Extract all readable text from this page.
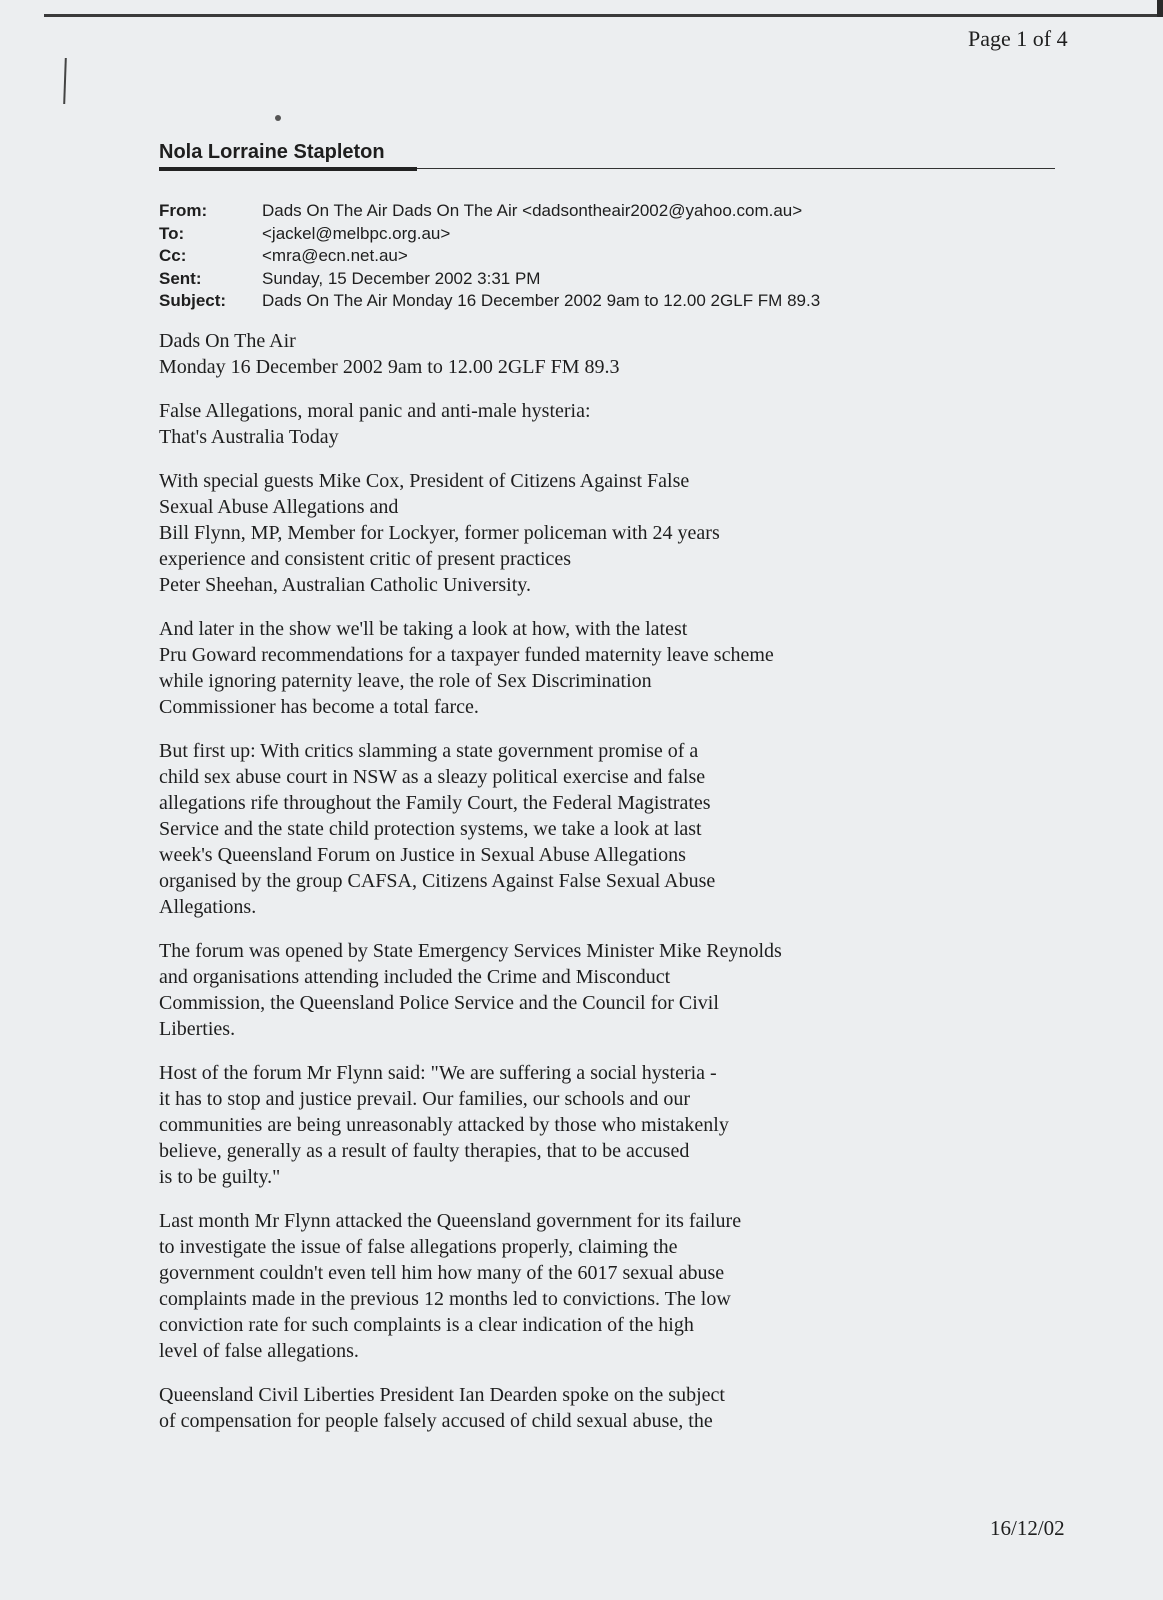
Page 1 of 4
Nola Lorraine Stapleton
From:	Dads On The Air Dads On The Air <dadsontheair2002@yahoo.com.au>
To:	<jackel@melbpc.org.au>
Cc:	<mra@ecn.net.au>
Sent:	Sunday, 15 December 2002 3:31 PM
Subject:	Dads On The Air Monday 16 December 2002 9am to 12.00 2GLF FM 89.3

Dads On The Air
Monday 16 December 2002 9am to 12.00 2GLF FM 89.3

False Allegations, moral panic and anti-male hysteria:
That's Australia Today

With special guests Mike Cox, President of Citizens Against False
Sexual Abuse Allegations and
Bill Flynn, MP, Member for Lockyer, former policeman with 24 years
experience and consistent critic of present practices
Peter Sheehan, Australian Catholic University.

And later in the show we'll be taking a look at how, with the latest
Pru Goward recommendations for a taxpayer funded maternity leave scheme
while ignoring paternity leave, the role of Sex Discrimination
Commissioner has become a total farce.

But first up: With critics slamming a state government promise of a
child sex abuse court in NSW as a sleazy political exercise and false
allegations rife throughout the Family Court, the Federal Magistrates
Service and the state child protection systems, we take a look at last
week's Queensland Forum on Justice in Sexual Abuse Allegations
organised by the group CAFSA, Citizens Against False Sexual Abuse
Allegations.

The forum was opened by State Emergency Services Minister Mike Reynolds
and organisations attending included the Crime and Misconduct
Commission, the Queensland Police Service and the Council for Civil
Liberties.

Host of the forum Mr Flynn said: "We are suffering a social hysteria -
it has to stop and justice prevail. Our families, our schools and our
communities are being unreasonably attacked by those who mistakenly
believe, generally as a result of faulty therapies, that to be accused
is to be guilty."

Last month Mr Flynn attacked the Queensland government for its failure
to investigate the issue of false allegations properly, claiming the
government couldn't even tell him how many of the 6017 sexual abuse
complaints made in the previous 12 months led to convictions. The low
conviction rate for such complaints is a clear indication of the high
level of false allegations.

Queensland Civil Liberties President Ian Dearden spoke on the subject
of compensation for people falsely accused of child sexual abuse, the

16/12/02
